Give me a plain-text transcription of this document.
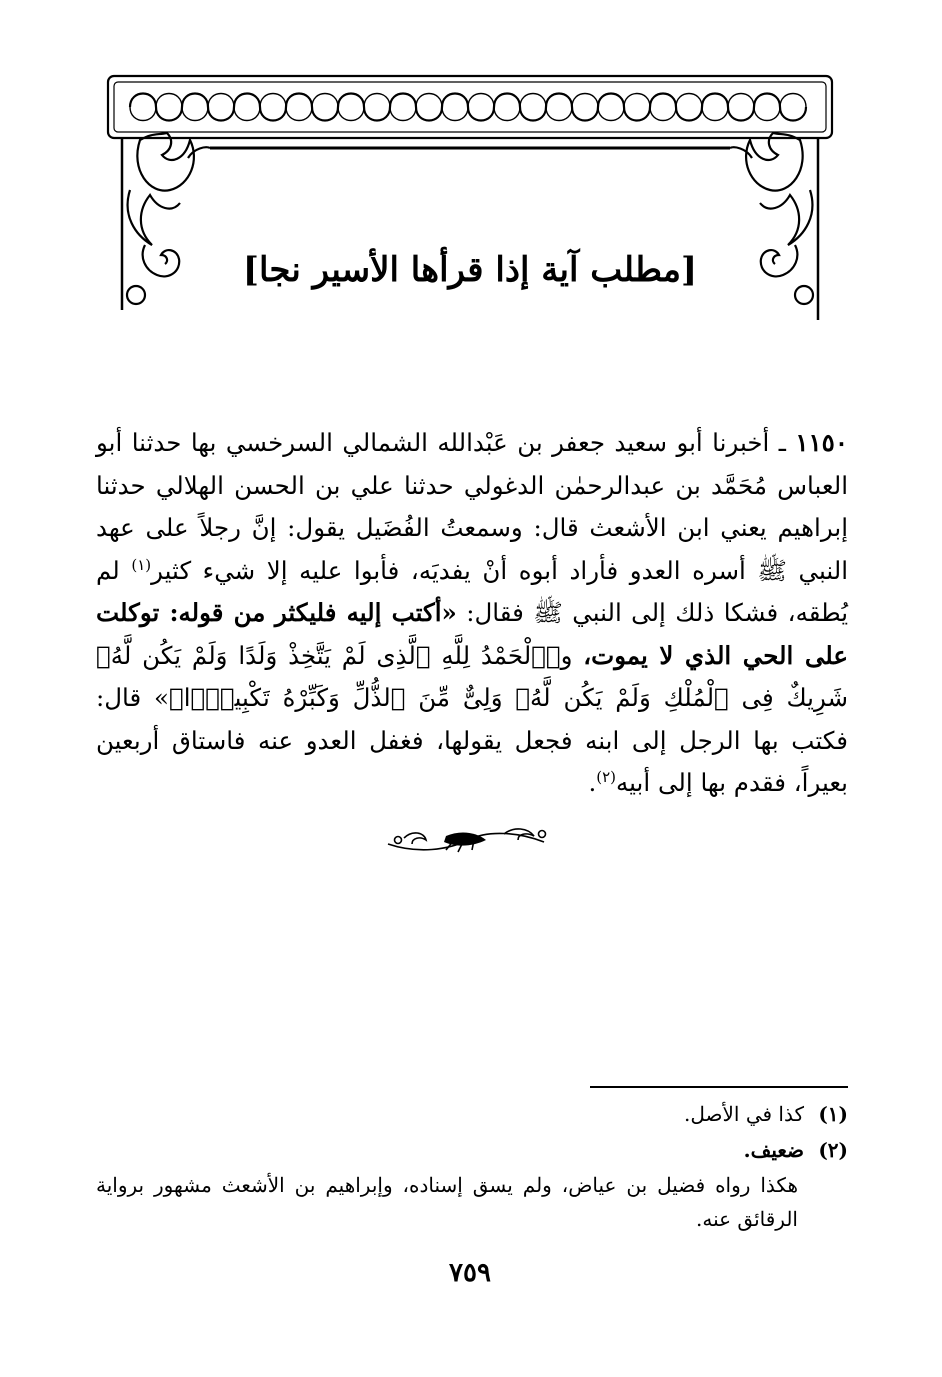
[مطلب آية إذا قرأها الأسير نجا]
١١٥٠ ـ أخبرنا أبو سعيد جعفر بن عَبْدالله الشمالي السرخسي بها حدثنا أبو العباس مُحَمَّد بن عبدالرحمٰن الدغولي حدثنا علي بن الحسن الهلالي حدثنا إبراهيم يعني ابن الأشعث قال: وسمعتُ الفُضَيل يقول: إنَّ رجلاً على عهد النبي ﷺ أسره العدو فأراد أبوه أنْ يفديَه، فأبوا عليه إلا شيء كثير$^{(١)}$ لم يُطقه، فشكا ذلك إلى النبي ﷺ فقال: «أكتب إليه فليكثر من قوله: توكلت على الحي الذي لا يموت، و﴿ٱلْحَمْدُ لِلَّهِ ٱلَّذِى لَمْ يَتَّخِذْ وَلَدًا وَلَمْ يَكُن لَّهُۥ شَرِيكٌ فِى ٱلْمُلْكِ وَلَمْ يَكُن لَّهُۥ وَلِىٌّ مِّنَ ٱلذُّلِّ وَكَبِّرْهُ تَكْبِيرًۢا﴾» قال: فكتب بها الرجل إلى ابنه فجعل يقولها، فغفل العدو عنه فاستاق أربعين بعيراً، فقدم بها إلى أبيه$^{(٢)}$.
(١)كذا في الأصل.
(٢)ضعيف.
هكذا رواه فضيل بن عياض، ولم يسق إسناده، وإبراهيم بن الأشعث مشهور برواية الرقائق عنه.
٧٥٩
